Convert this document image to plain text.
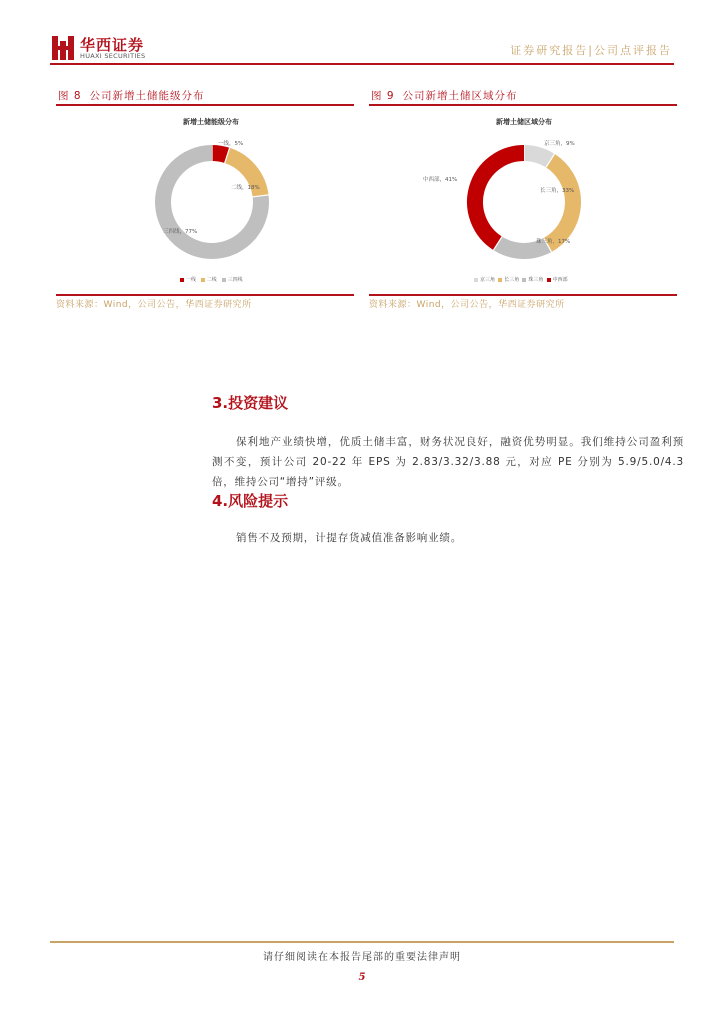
华西证券
HUAXI SECURITIES	证券研究报告|公司点评报告
图 8 公司新增土储能级分布
新增土储能级分布
一线，5%
二线，18%
三四线，77%
一线 二线 三四线
资料来源：Wind，公司公告，华西证券研究所
图 9 公司新增土储区域分布
新增土储区域分布
京三角，9%
长三角，33%
珠三角，17%
中西部，41%
京三角 长三角 珠三角 中西部
资料来源：Wind，公司公告，华西证券研究所
3.投资建议
保利地产业绩快增，优质土储丰富，财务状况良好，融资优势明显。我们维持公司盈利预测不变，预计公司 20-22 年 EPS 为 2.83/3.32/3.88 元，对应 PE 分别为 5.9/5.0/4.3 倍，维持公司“增持”评级。
4.风险提示
销售不及预期，计提存货减值准备影响业绩。
请仔细阅读在本报告尾部的重要法律声明
5
